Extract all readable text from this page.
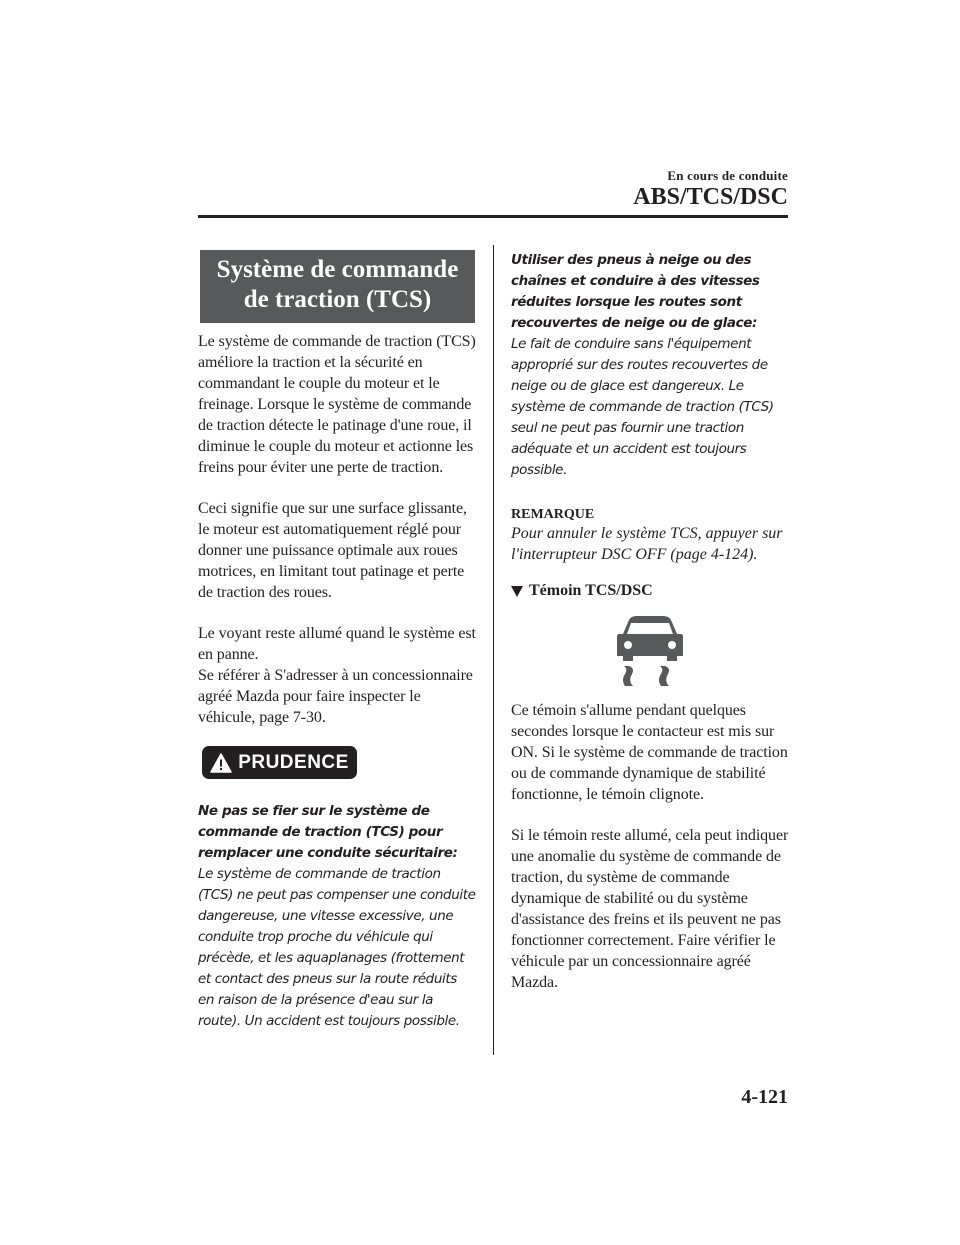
En cours de conduite
ABS/TCS/DSC
Système de commande de traction (TCS)

Le système de commande de traction (TCS) améliore la traction et la sécurité en commandant le couple du moteur et le freinage. Lorsque le système de commande de traction détecte le patinage d'une roue, il diminue le couple du moteur et actionne les freins pour éviter une perte de traction.

Ceci signifie que sur une surface glissante, le moteur est automatiquement réglé pour donner une puissance optimale aux roues motrices, en limitant tout patinage et perte de traction des roues.

Le voyant reste allumé quand le système est en panne.

Se référer à S'adresser à un concessionnaire agréé Mazda pour faire inspecter le véhicule, page 7-30.

PRUDENCE

Ne pas se fier sur le système de commande de traction (TCS) pour remplacer une conduite sécuritaire:

Le système de commande de traction (TCS) ne peut pas compenser une conduite dangereuse, une vitesse excessive, une conduite trop proche du véhicule qui précède, et les aquaplanages (frottement et contact des pneus sur la route réduits en raison de la présence d'eau sur la route). Un accident est toujours possible.

Utiliser des pneus à neige ou des chaînes et conduire à des vitesses réduites lorsque les routes sont recouvertes de neige ou de glace:

Le fait de conduire sans l'équipement approprié sur des routes recouvertes de neige ou de glace est dangereux. Le système de commande de traction (TCS) seul ne peut pas fournir une traction adéquate et un accident est toujours possible.

REMARQUE

Pour annuler le système TCS, appuyer sur l'interrupteur DSC OFF (page 4-124).

Témoin TCS/DSC

Ce témoin s'allume pendant quelques secondes lorsque le contacteur est mis sur ON. Si le système de commande de traction ou de commande dynamique de stabilité fonctionne, le témoin clignote.

Si le témoin reste allumé, cela peut indiquer une anomalie du système de commande de traction, du système de commande dynamique de stabilité ou du système d'assistance des freins et ils peuvent ne pas fonctionner correctement. Faire vérifier le véhicule par un concessionnaire agréé Mazda.

4-121
